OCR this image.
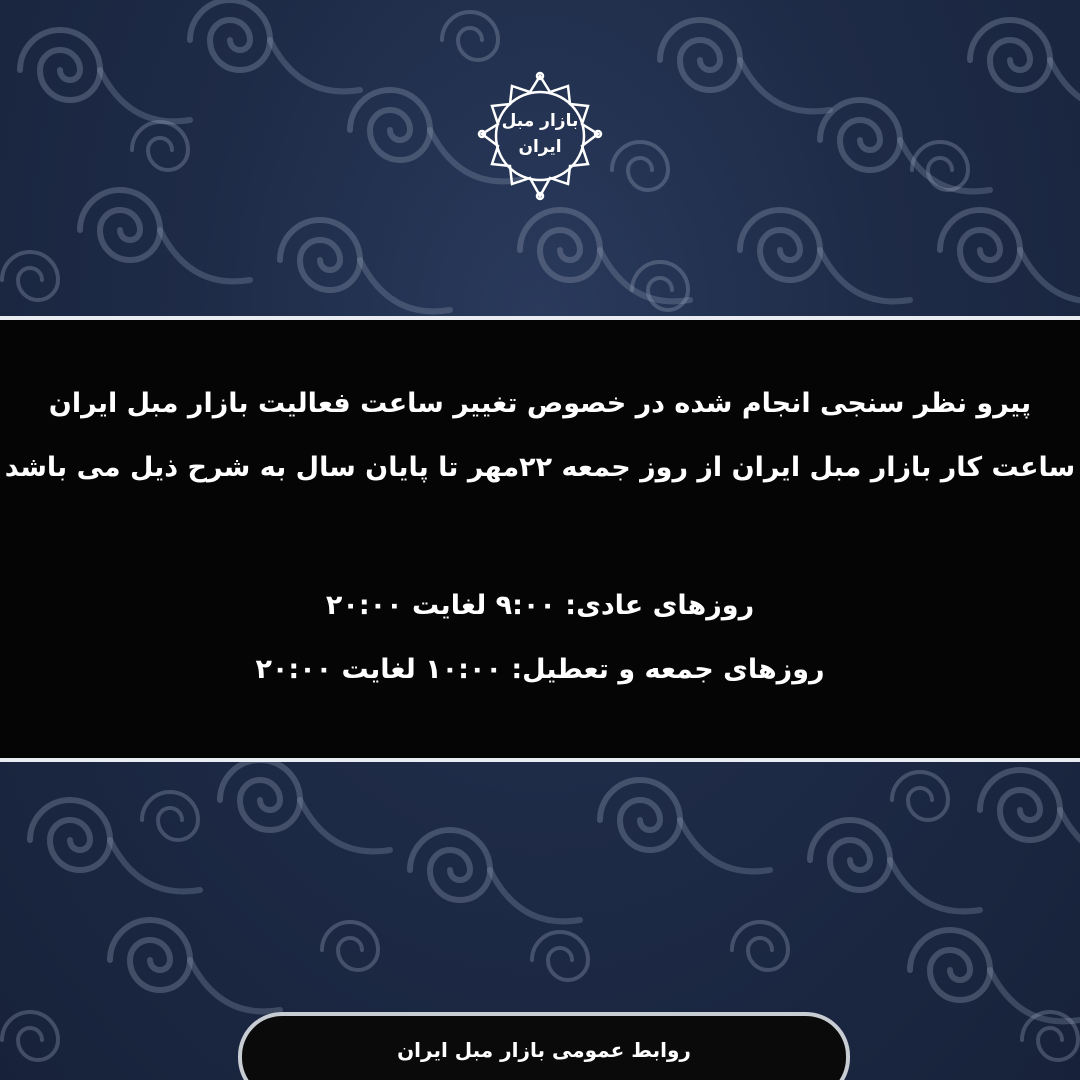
بازار مبل
ایران
پیرو نظر سنجی انجام شده در خصوص تغییر ساعت فعالیت بازار مبل ایران
ساعت کار بازار مبل ایران از روز جمعه ۲۲مهر تا پایان سال به شرح ذیل می باشد
روزهای عادی: ۹:۰۰ لغایت ۲۰:۰۰
روزهای جمعه و تعطیل: ۱۰:۰۰ لغایت ۲۰:۰۰
روابط عمومی بازار مبل ایران
